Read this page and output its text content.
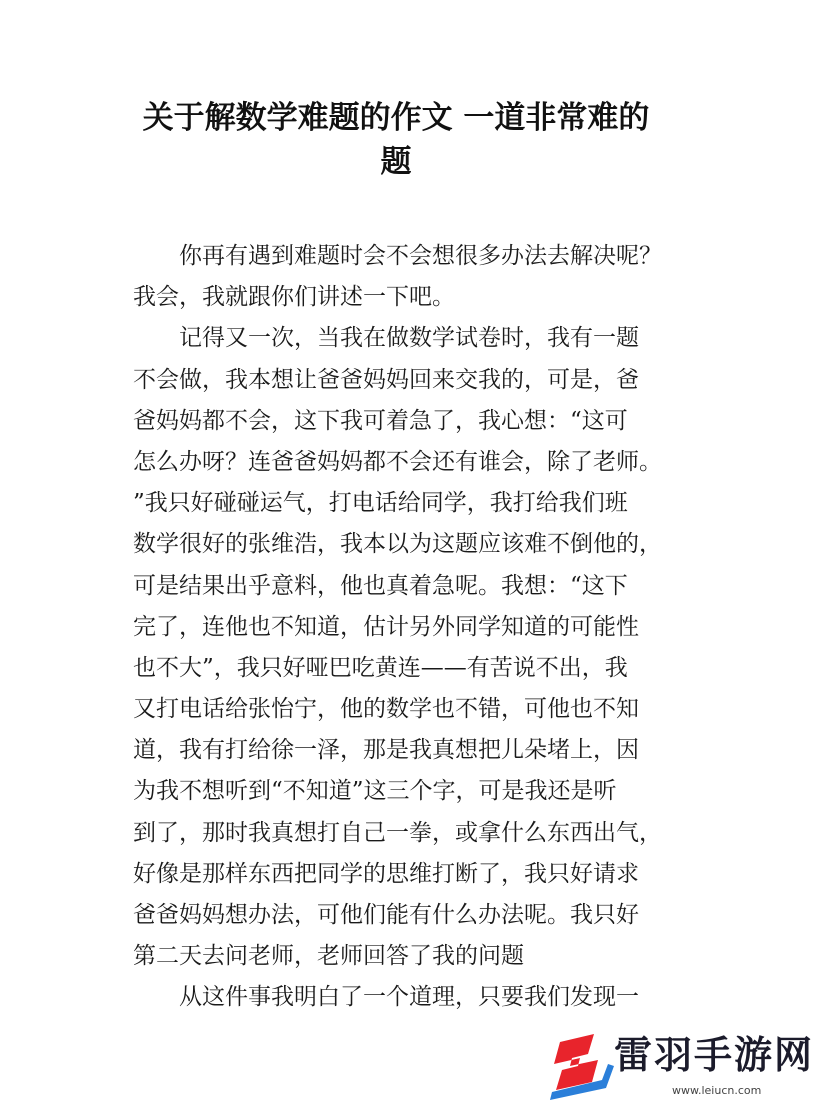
关于解数学难题的作文 一道非常难的
题
你再有遇到难题时会不会想很多办法去解决呢？
我会，我就跟你们讲述一下吧。
记得又一次，当我在做数学试卷时，我有一题
不会做，我本想让爸爸妈妈回来交我的，可是，爸
爸妈妈都不会，这下我可着急了，我心想：“这可
怎么办呀？连爸爸妈妈都不会还有谁会，除了老师。
”我只好碰碰运气，打电话给同学，我打给我们班
数学很好的张维浩，我本以为这题应该难不倒他的，
可是结果出乎意料，他也真着急呢。我想：“这下
完了，连他也不知道，估计另外同学知道的可能性
也不大”，我只好哑巴吃黄连——有苦说不出，我
又打电话给张怡宁，他的数学也不错，可他也不知
道，我有打给徐一泽，那是我真想把儿朵堵上，因
为我不想听到“不知道”这三个字，可是我还是听
到了，那时我真想打自己一拳，或拿什么东西出气，
好像是那样东西把同学的思维打断了，我只好请求
爸爸妈妈想办法，可他们能有什么办法呢。我只好
第二天去问老师，老师回答了我的问题
从这件事我明白了一个道理，只要我们发现一
雷羽手游网
www.leiucn.com
